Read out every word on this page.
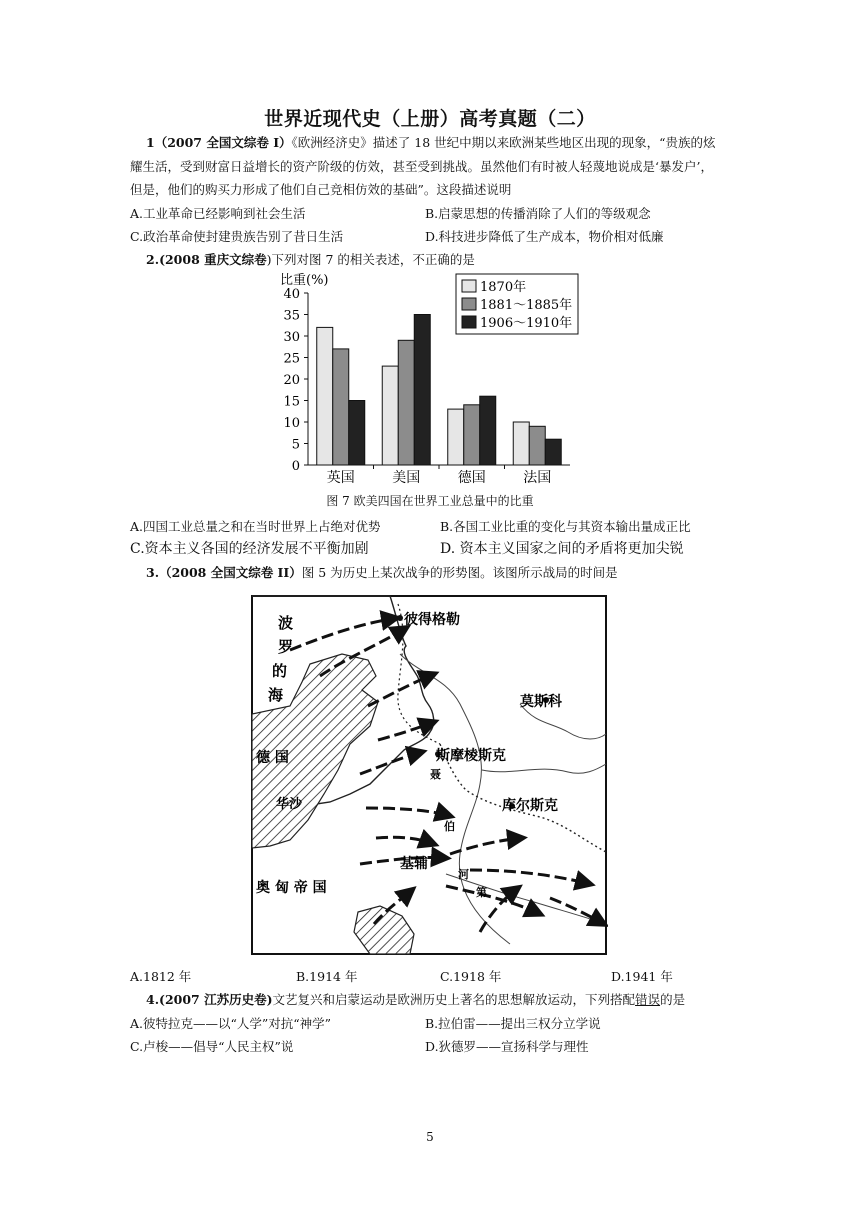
世界近现代史（上册）高考真题（二）
1（2007 全国文综卷 I）《欧洲经济史》描述了 18 世纪中期以来欧洲某些地区出现的现象，“贵族的炫
耀生活，受到财富日益增长的资产阶级的仿效，甚至受到挑战。虽然他们有时被人轻蔑地说成是‘暴发户’，
但是，他们的购买力形成了他们自己竞相仿效的基础”。这段描述说明
A.工业革命已经影响到社会生活	B.启蒙思想的传播消除了人们的等级观念
C.政治革命使封建贵族告别了昔日生活	D.科技进步降低了生产成本，物价相对低廉
2.(2008 重庆文综卷)下列对图 7 的相关表述，不正确的是
比重(%)
0
5
10
15
20
25
30
35
40
英国	美国	德国	法国
1870年
1881～1885年
1906～1910年
图 7 欧美四国在世界工业总量中的比重
A.四国工业总量之和在当时世界上占绝对优势	B.各国工业比重的变化与其资本输出量成正比
C.资本主义各国的经济发展不平衡加剧	D. 资本主义国家之间的矛盾将更加尖锐
3.（2008 全国文综卷 II）图 5 为历史上某次战争的形势图。该图所示战局的时间是
波
罗
的
海
彼得格勒
莫斯科
斯摩棱斯克
库尔斯克
基辅
德 国
华沙
奥 匈 帝 国
聂
伯
河
第
A.1812 年	B.1914 年	C.1918 年	D.1941 年
4.(2007 江苏历史卷)文艺复兴和启蒙运动是欧洲历史上著名的思想解放运动，下列搭配错误的是
A.彼特拉克——以“人学”对抗“神学”	B.拉伯雷——提出三权分立学说
C.卢梭——倡导“人民主权”说	D.狄德罗——宣扬科学与理性
5
